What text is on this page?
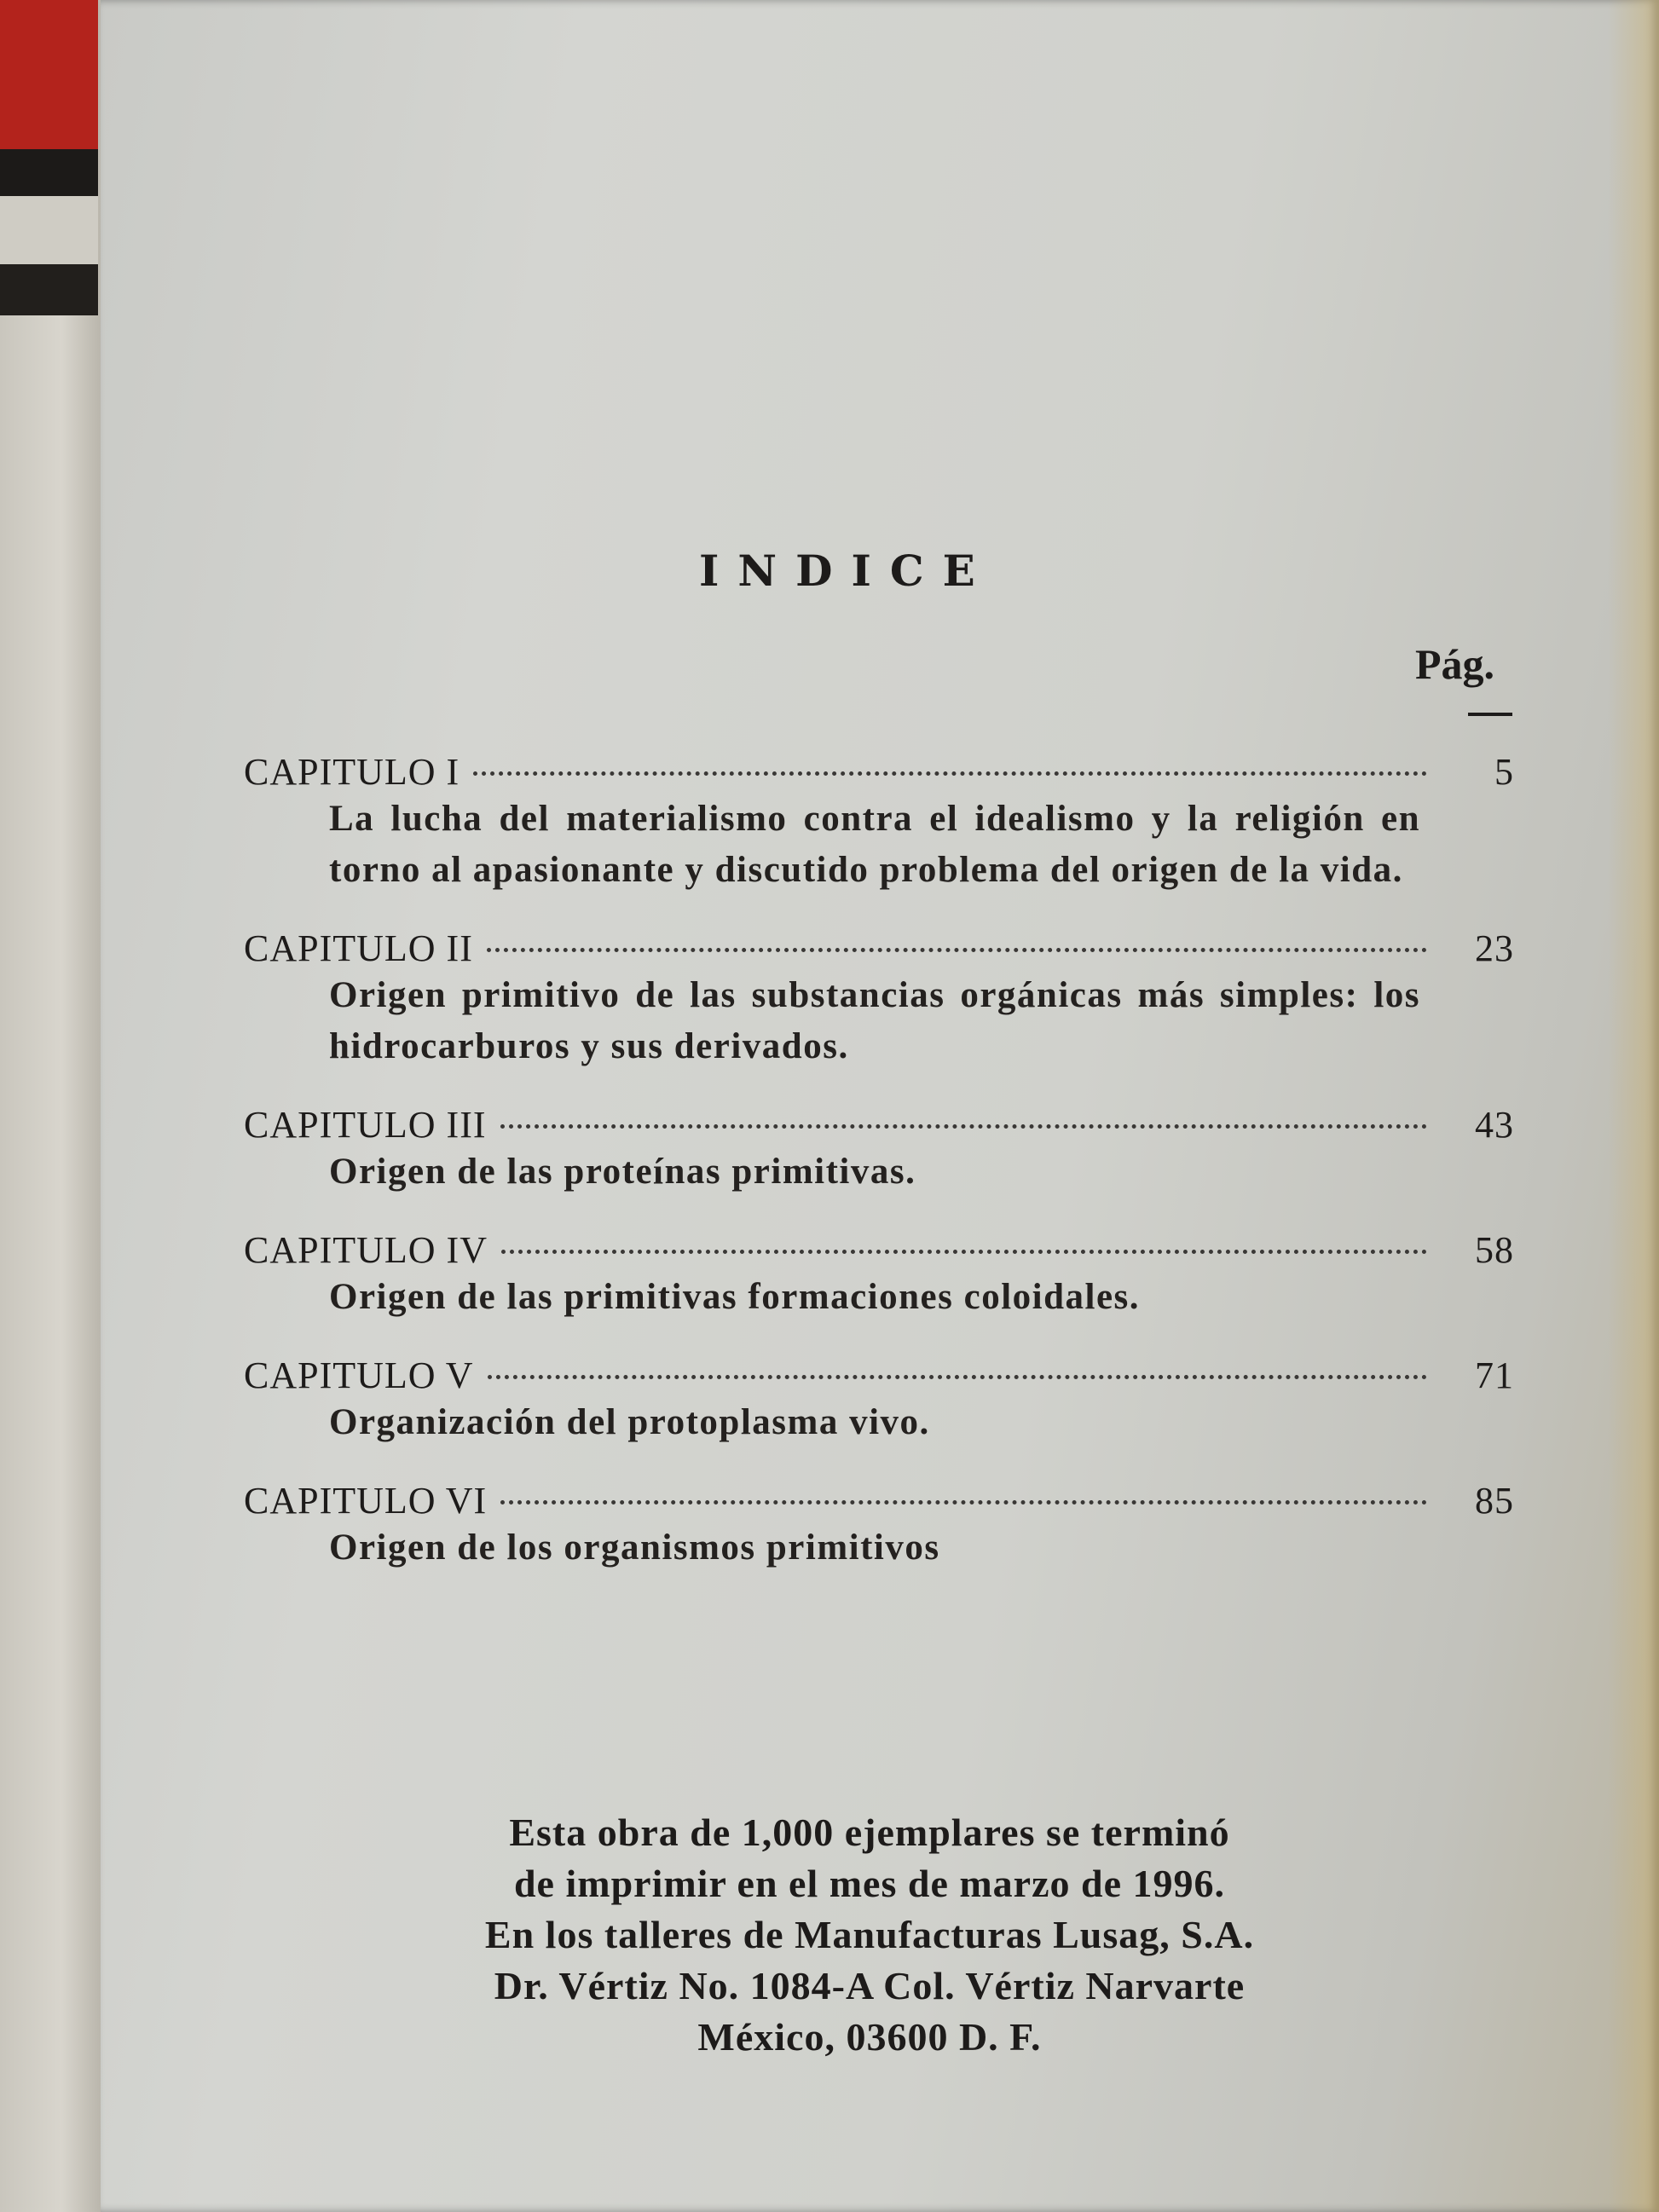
INDICE
Pág.
CAPITULO I	5
La lucha del materialismo contra el idealismo y la religión en torno al apasionante y discutido problema del origen de la vida.
CAPITULO II	23
Origen primitivo de las substancias orgánicas más simples: los hidrocarburos y sus derivados.
CAPITULO III	43
Origen de las proteínas primitivas.
CAPITULO IV	58
Origen de las primitivas formaciones coloidales.
CAPITULO V	71
Organización del protoplasma vivo.
CAPITULO VI	85
Origen de los organismos primitivos
Esta obra de 1,000 ejemplares se terminó
de imprimir en el mes de marzo de 1996.
En los talleres de Manufacturas Lusag, S.A.
Dr. Vértiz No. 1084-A Col. Vértiz Narvarte
México, 03600 D. F.
